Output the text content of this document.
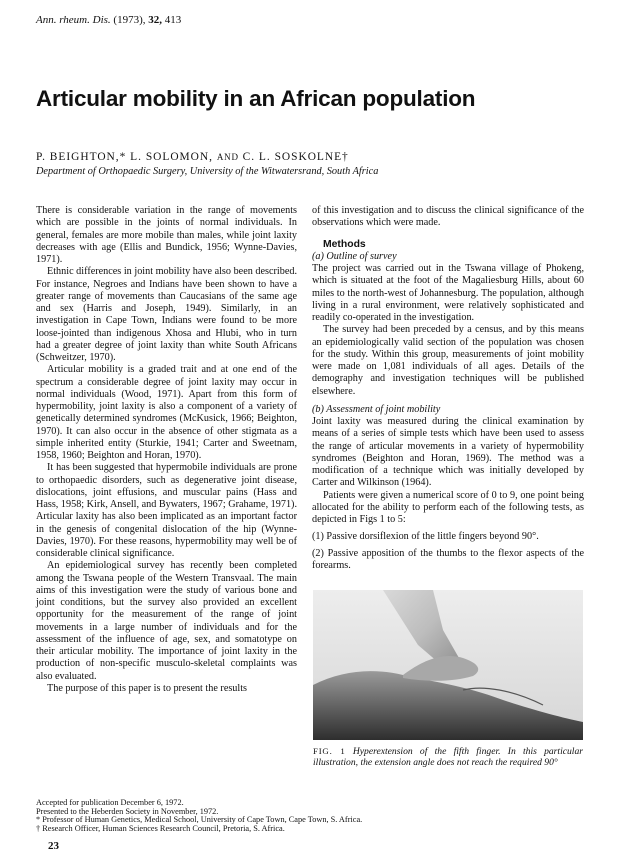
Ann. rheum. Dis. (1973), 32, 413
Articular mobility in an African population
P. BEIGHTON,* L. SOLOMON, AND C. L. SOSKOLNE†
Department of Orthopaedic Surgery, University of the Witwatersrand, South Africa

There is considerable variation in the range of movements which are possible in the joints of normal individuals. In general, females are more mobile than males, while joint laxity decreases with age (Ellis and Bundick, 1956; Wynne-Davies, 1971).

Ethnic differences in joint mobility have also been described. For instance, Negroes and Indians have been shown to have a greater range of movements than Caucasians of the same age and sex (Harris and Joseph, 1949). Similarly, in an investigation in Cape Town, Indians were found to be more loose-jointed than indigenous Xhosa and Hlubi, who in turn had a greater degree of joint laxity than white South Africans (Schweitzer, 1970).

Articular mobility is a graded trait and at one end of the spectrum a considerable degree of joint laxity may occur in normal individuals (Wood, 1971). Apart from this form of hypermobility, joint laxity is also a component of a variety of genetically determined syndromes (McKusick, 1966; Beighton, 1970). It can also occur in the absence of other stigmata as a simple inherited entity (Sturkie, 1941; Carter and Sweetnam, 1958, 1960; Beighton and Horan, 1970).

It has been suggested that hypermobile individuals are prone to orthopaedic disorders, such as degenerative joint disease, dislocations, joint effusions, and muscular pains (Hass and Hass, 1958; Kirk, Ansell, and Bywaters, 1967; Grahame, 1971). Articular laxity has also been implicated as an important factor in the genesis of congenital dislocation of the hip (Wynne-Davies, 1970). For these reasons, hypermobility may well be of considerable clinical significance.

An epidemiological survey has recently been completed among the Tswana people of the Western Transvaal. The main aims of this investigation were the study of various bone and joint conditions, but the survey also provided an excellent opportunity for the measurement of the range of joint movements in a large number of individuals and for the assessment of the influence of age, sex, and somatotype on their articular mobility. The importance of joint laxity in the production of non-specific musculo-skeletal complaints was also evaluated.

The purpose of this paper is to present the results

of this investigation and to discuss the clinical significance of the observations which were made.

Methods

(a) Outline of survey

The project was carried out in the Tswana village of Phokeng, which is situated at the foot of the Magaliesburg Hills, about 60 miles to the north-west of Johannesburg. The population, although living in a rural environment, were relatively sophisticated and readily co-operated in the investigation.

The survey had been preceded by a census, and by this means an epidemiologically valid section of the population was chosen for the study. Within this group, measurements of joint mobility were made on 1,081 individuals of all ages. Details of the demography and investigation techniques will be published elsewhere.

(b) Assessment of joint mobility

Joint laxity was measured during the clinical examination by means of a series of simple tests which have been used to assess the range of articular movements in a variety of hypermobility syndromes (Beighton and Horan, 1969). The method was a modification of a technique which was initially developed by Carter and Wilkinson (1964).

Patients were given a numerical score of 0 to 9, one point being allocated for the ability to perform each of the following tests, as depicted in Figs 1 to 5:

(1) Passive dorsiflexion of the little fingers beyond 90°.

(2) Passive apposition of the thumbs to the flexor aspects of the forearms.

FIG. 1 Hyperextension of the fifth finger. In this particular illustration, the extension angle does not reach the required 90°
Accepted for publication December 6, 1972.
Presented to the Heberden Society in November, 1972.
* Professor of Human Genetics, Medical School, University of Cape Town, Cape Town, S. Africa.
† Research Officer, Human Sciences Research Council, Pretoria, S. Africa.
23
